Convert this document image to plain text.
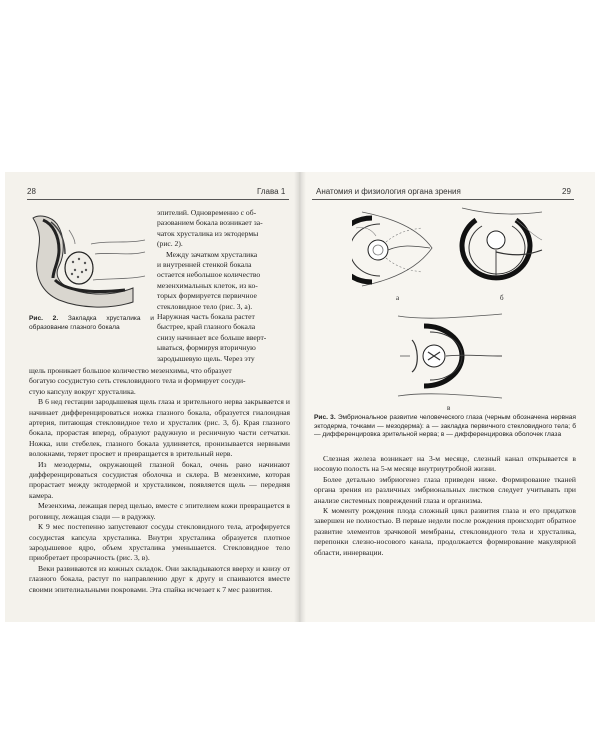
28	Глава 1

Рис. 2. Закладка хрусталика и образование глазного бокала

эпителий. Одновременно с об-
разованием бокала возникает за-
чаток хрусталика из эктодермы
(рис. 2).
Между зачатком хрусталика
и внутренней стенкой бокала
остается небольшое количество
мезенхимальных клеток, из ко-
торых формируется первичное
стекловидное тело (рис. 3, а).
Наружная часть бокала растет
быстрее, край глазного бокала
снизу начинает все больше вверт-
ываться, формируя вторичную
зародышевую щель. Через эту
щель проникает большое количество мезенхимы, что образует
богатую сосудистую сеть стекловидного тела и формирует сосуди-
стую капсулу вокруг хрусталика.

В 6 нед гестации зародышевая щель глаза и зрительного нерва закрывается и начинает дифференцироваться ножка глазного бокала, образуется гиалоидная артерия, питающая стекловидное тело и хрусталик (рис. 3, б). Края глазного бокала, прорастая вперед, образуют радужную и ресничную части сетчатки. Ножка, или стебелек, глазного бокала удлиняется, пронизывается нервными волокнами, теряет просвет и превращается в зрительный нерв.

Из мезодермы, окружающей глазной бокал, очень рано начинают дифференцироваться сосудистая оболочка и склера. В мезенхиме, которая прорастает между эктодермой и хрусталиком, появляется щель — передняя камера.

Мезенхима, лежащая перед щелью, вместе с эпителием кожи превращается в роговицу, лежащая сзади — в радужку.

К 9 мес постепенно запустевают сосуды стекловидного тела, атрофируется сосудистая капсула хрусталика. Внутри хрусталика образуется плотное зародышевое ядро, объем хрусталика уменьшается. Стекловидное тело приобретает прозрачность (рис. 3, в).

Веки развиваются из кожных складок. Они закладываются вверху и книзу от глазного бокала, растут по направлению друг к другу и спаиваются вместе своими эпителиальными покровами. Эта спайка исчезает к 7 мес развития.

Анатомия и физиология органа зрения	29
а	б
в

Рис. 3. Эмбриональное развитие человеческого глаза (черным обозначена нервная эктодерма, точками — мезодерма): а — закладка первичного стекловидного тела; б — дифференцировка зрительной нерва; в — дифференцировка оболочек глаза

Слезная железа возникает на 3-м месяце, слезный канал открывается в носовую полость на 5-м месяце внутриутробной жизни.

Более детально эмбриогенез глаза приведен ниже. Формирование тканей органа зрения из различных эмбриональных листков следует учитывать при анализе системных повреждений глаза и организма.

К моменту рождения плода сложный цикл развития глаза и его придатков завершен не полностью. В первые недели после рождения происходит обратное развитие элементов зрачковой мембраны, стекловидного тела и хрусталика, перепонки слезно-носового канала, продолжается формирование макулярной области, иннервации.
